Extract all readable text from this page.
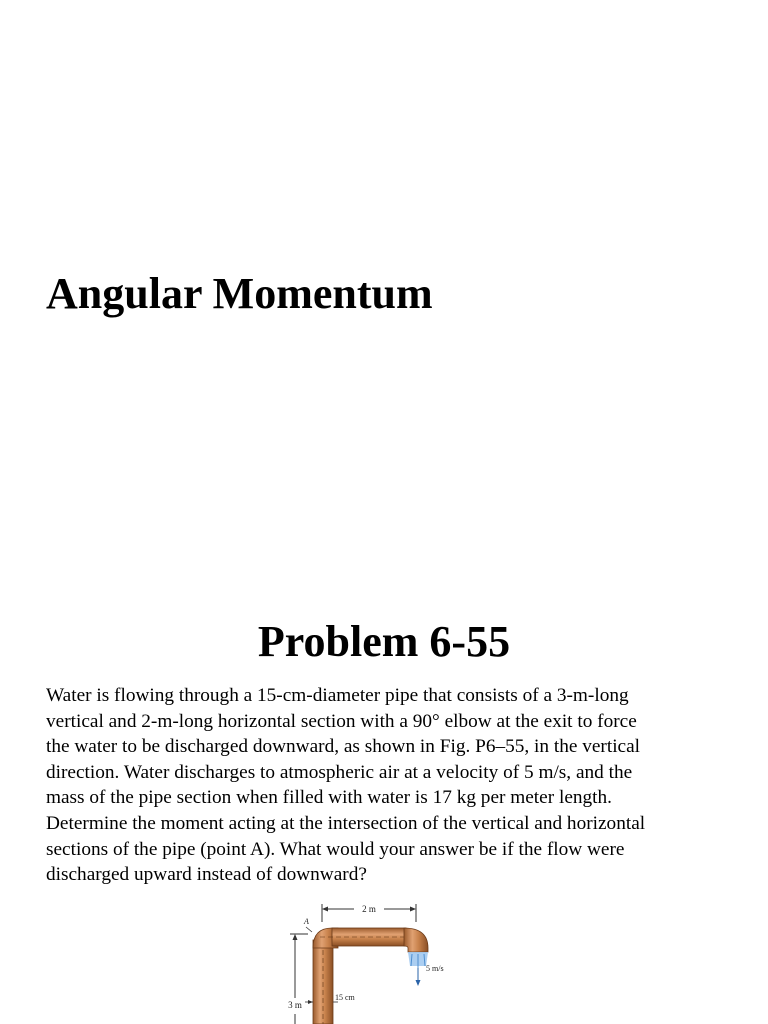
Angular Momentum
Problem 6-55

Water is flowing through a 15-cm-diameter pipe that consists of a 3-m-long
vertical and 2-m-long horizontal section with a 90° elbow at the exit to force
the water to be discharged downward, as shown in Fig. P6–55, in the vertical
direction. Water discharges to atmospheric air at a velocity of 5 m/s, and the
mass of the pipe section when filled with water is 17 kg per meter length.
Determine the moment acting at the intersection of the vertical and horizontal
sections of the pipe (point A). What would your answer be if the flow were
discharged upward instead of downward?

2 m
A
3 m
5 m/s
15 cm
